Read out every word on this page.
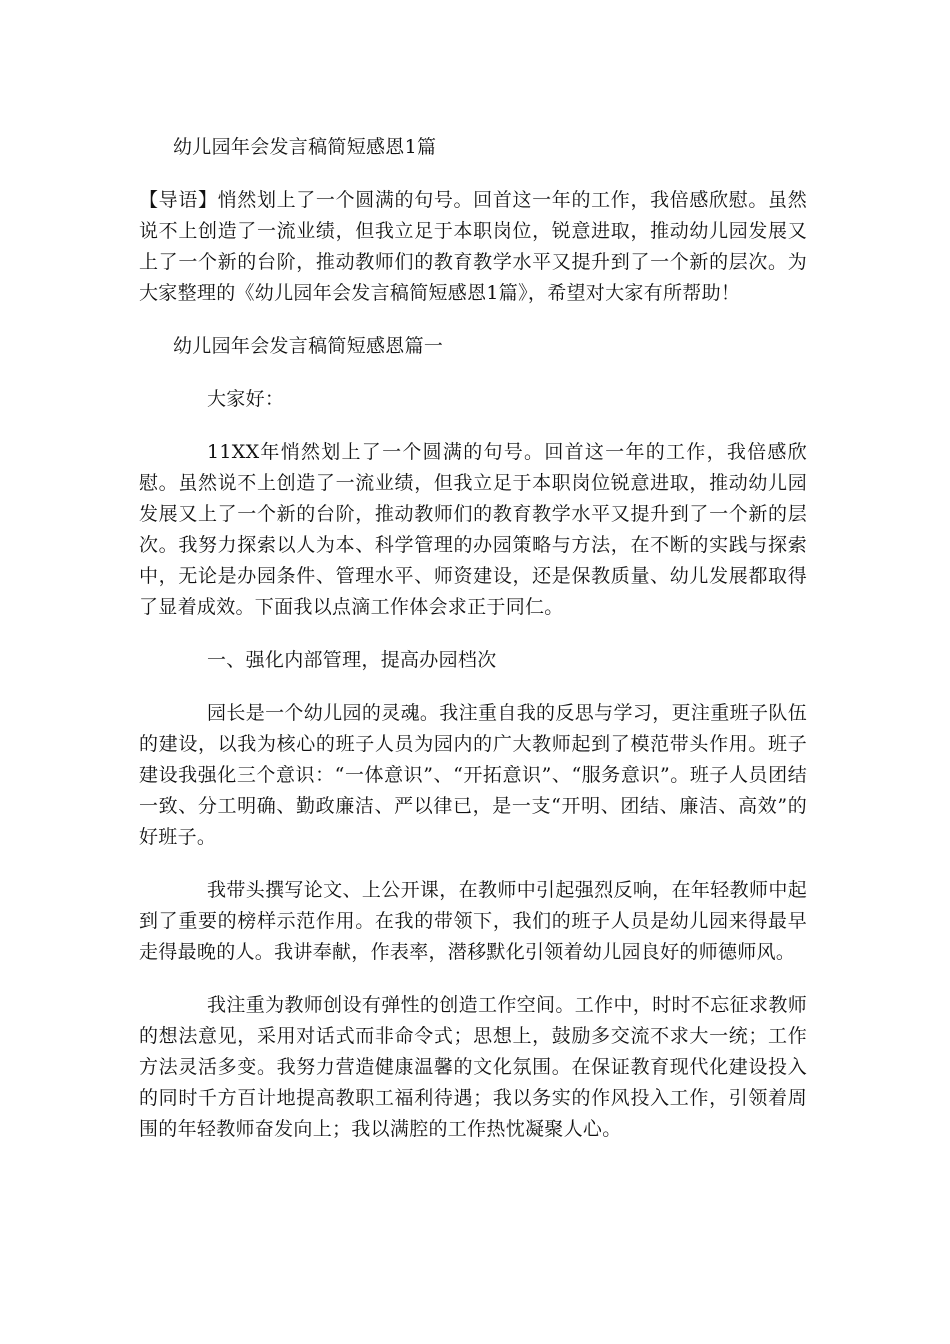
幼儿园年会发言稿简短感恩1篇

【导语】悄然划上了一个圆满的句号。回首这一年的工作，我倍感欣慰。虽然说不上创造了一流业绩，但我立足于本职岗位，锐意进取，推动幼儿园发展又上了一个新的台阶，推动教师们的教育教学水平又提升到了一个新的层次。为大家整理的《幼儿园年会发言稿简短感恩1篇》，希望对大家有所帮助！

幼儿园年会发言稿简短感恩篇一

大家好：

11XX年悄然划上了一个圆满的句号。回首这一年的工作，我倍感欣慰。虽然说不上创造了一流业绩，但我立足于本职岗位锐意进取，推动幼儿园发展又上了一个新的台阶，推动教师们的教育教学水平又提升到了一个新的层次。我努力探索以人为本、科学管理的办园策略与方法，在不断的实践与探索中，无论是办园条件、管理水平、师资建设，还是保教质量、幼儿发展都取得了显着成效。下面我以点滴工作体会求正于同仁。

一、强化内部管理，提高办园档次

园长是一个幼儿园的灵魂。我注重自我的反思与学习，更注重班子队伍的建设，以我为核心的班子人员为园内的广大教师起到了模范带头作用。班子建设我强化三个意识：“一体意识”、“开拓意识”、“服务意识”。班子人员团结一致、分工明确、勤政廉洁、严以律已，是一支“开明、团结、廉洁、高效”的好班子。

我带头撰写论文、上公开课，在教师中引起强烈反响，在年轻教师中起到了重要的榜样示范作用。在我的带领下，我们的班子人员是幼儿园来得最早走得最晚的人。我讲奉献，作表率，潜移默化引领着幼儿园良好的师德师风。

我注重为教师创设有弹性的创造工作空间。工作中，时时不忘征求教师的想法意见，采用对话式而非命令式；思想上，鼓励多交流不求大一统；工作方法灵活多变。我努力营造健康温馨的文化氛围。在保证教育现代化建设投入的同时千方百计地提高教职工福利待遇；我以务实的作风投入工作，引领着周围的年轻教师奋发向上；我以满腔的工作热忱凝聚人心。
